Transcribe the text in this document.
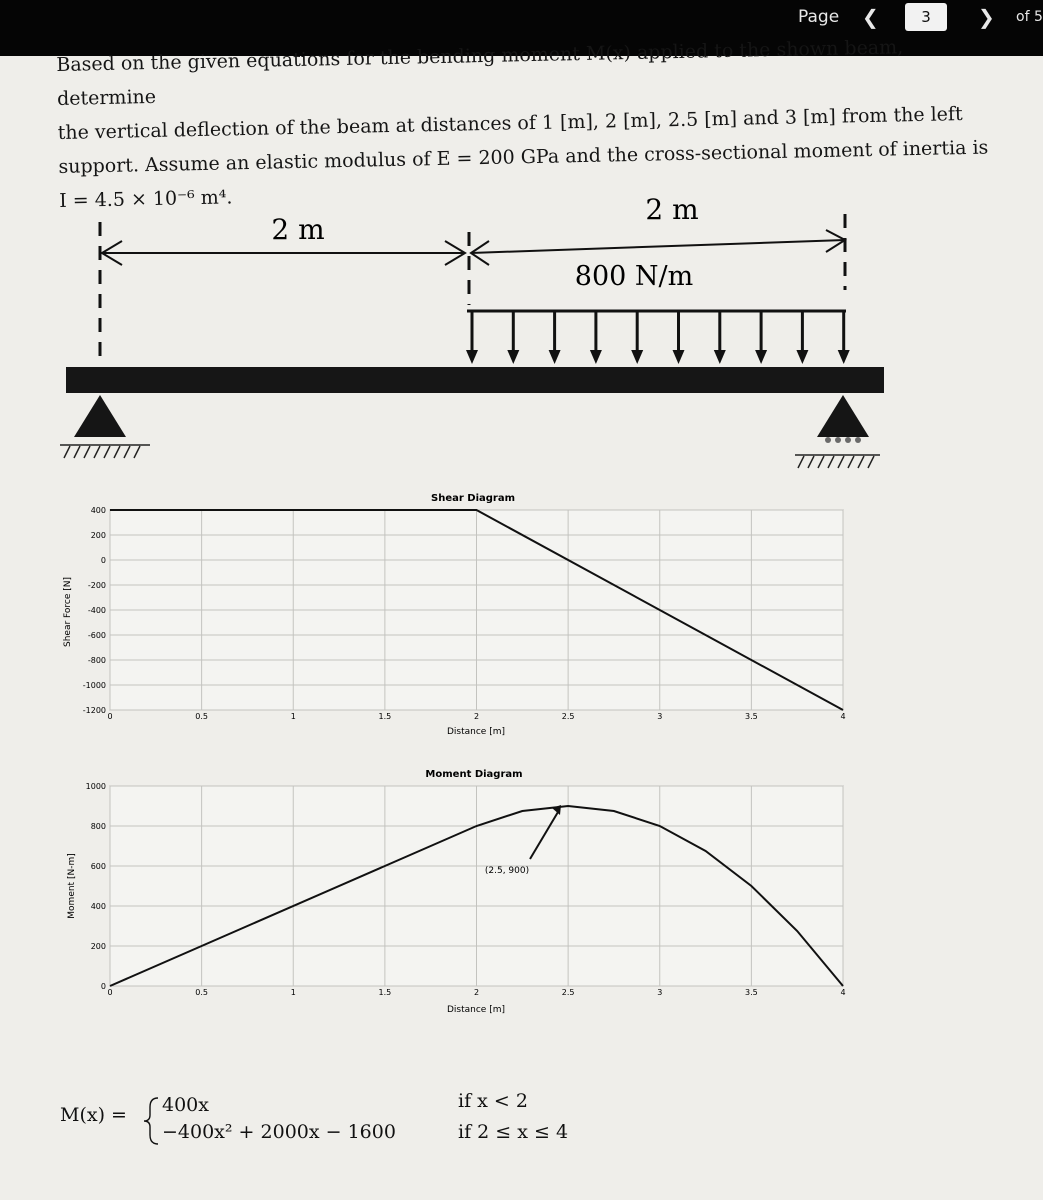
Page ❮	3	❯ of 5

Based on the given equations for the bending moment M(x) applied to the shown beam, determine

the vertical deflection of the beam at distances of 1 [m], 2 [m], 2.5 [m] and 3 [m] from the left

support. Assume an elastic modulus of E = 200 GPa and the cross-sectional moment of inertia is

I = 4.5 × 10⁻⁶ m⁴.

2 m
2 m
800 N/m
Shear Diagram
Distance [m]
Shear Force [N]
0	0.5	1	1.5	2	2.5	3	3.5	4
400
200
0
-200
-400
-600
-800
-1000
-1200
Moment Diagram
Distance [m]
Moment [N-m]
0	0.5	1	1.5	2	2.5	3	3.5	4
1000
800
600
400
200
0
(2.5, 900)
M(x) = 400x	if x < 2
−400x² + 2000x − 1600	if 2 ≤ x ≤ 4
